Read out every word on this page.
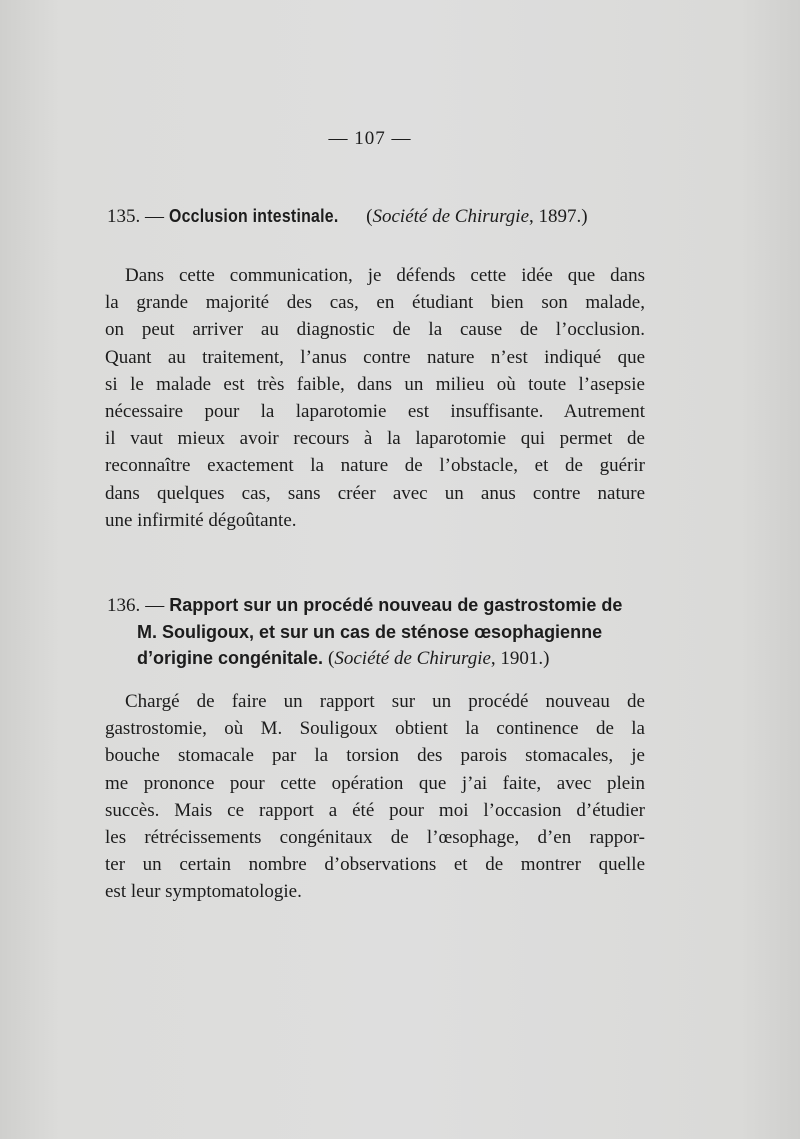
— 107 —
135. — Occlusion intestinale. (Société de Chirurgie, 1897.)
Dans cette communication, je défends cette idée que dans
la grande majorité des cas, en étudiant bien son malade,
on peut arriver au diagnostic de la cause de l’occlusion.
Quant au traitement, l’anus contre nature n’est indiqué que
si le malade est très faible, dans un milieu où toute l’asepsie
nécessaire pour la laparotomie est insuffisante. Autrement
il vaut mieux avoir recours à la laparotomie qui permet de
reconnaître exactement la nature de l’obstacle, et de guérir
dans quelques cas, sans créer avec un anus contre nature
une infirmité dégoûtante.
136. — Rapport sur un procédé nouveau de gastrostomie de
M. Souligoux, et sur un cas de sténose œsophagienne
d’origine congénitale. (Société de Chirurgie, 1901.)
Chargé de faire un rapport sur un procédé nouveau de
gastrostomie, où M. Souligoux obtient la continence de la
bouche stomacale par la torsion des parois stomacales, je
me prononce pour cette opération que j’ai faite, avec plein
succès. Mais ce rapport a été pour moi l’occasion d’étudier
les rétrécissements congénitaux de l’œsophage, d’en rappor-
ter un certain nombre d’observations et de montrer quelle
est leur symptomatologie.
